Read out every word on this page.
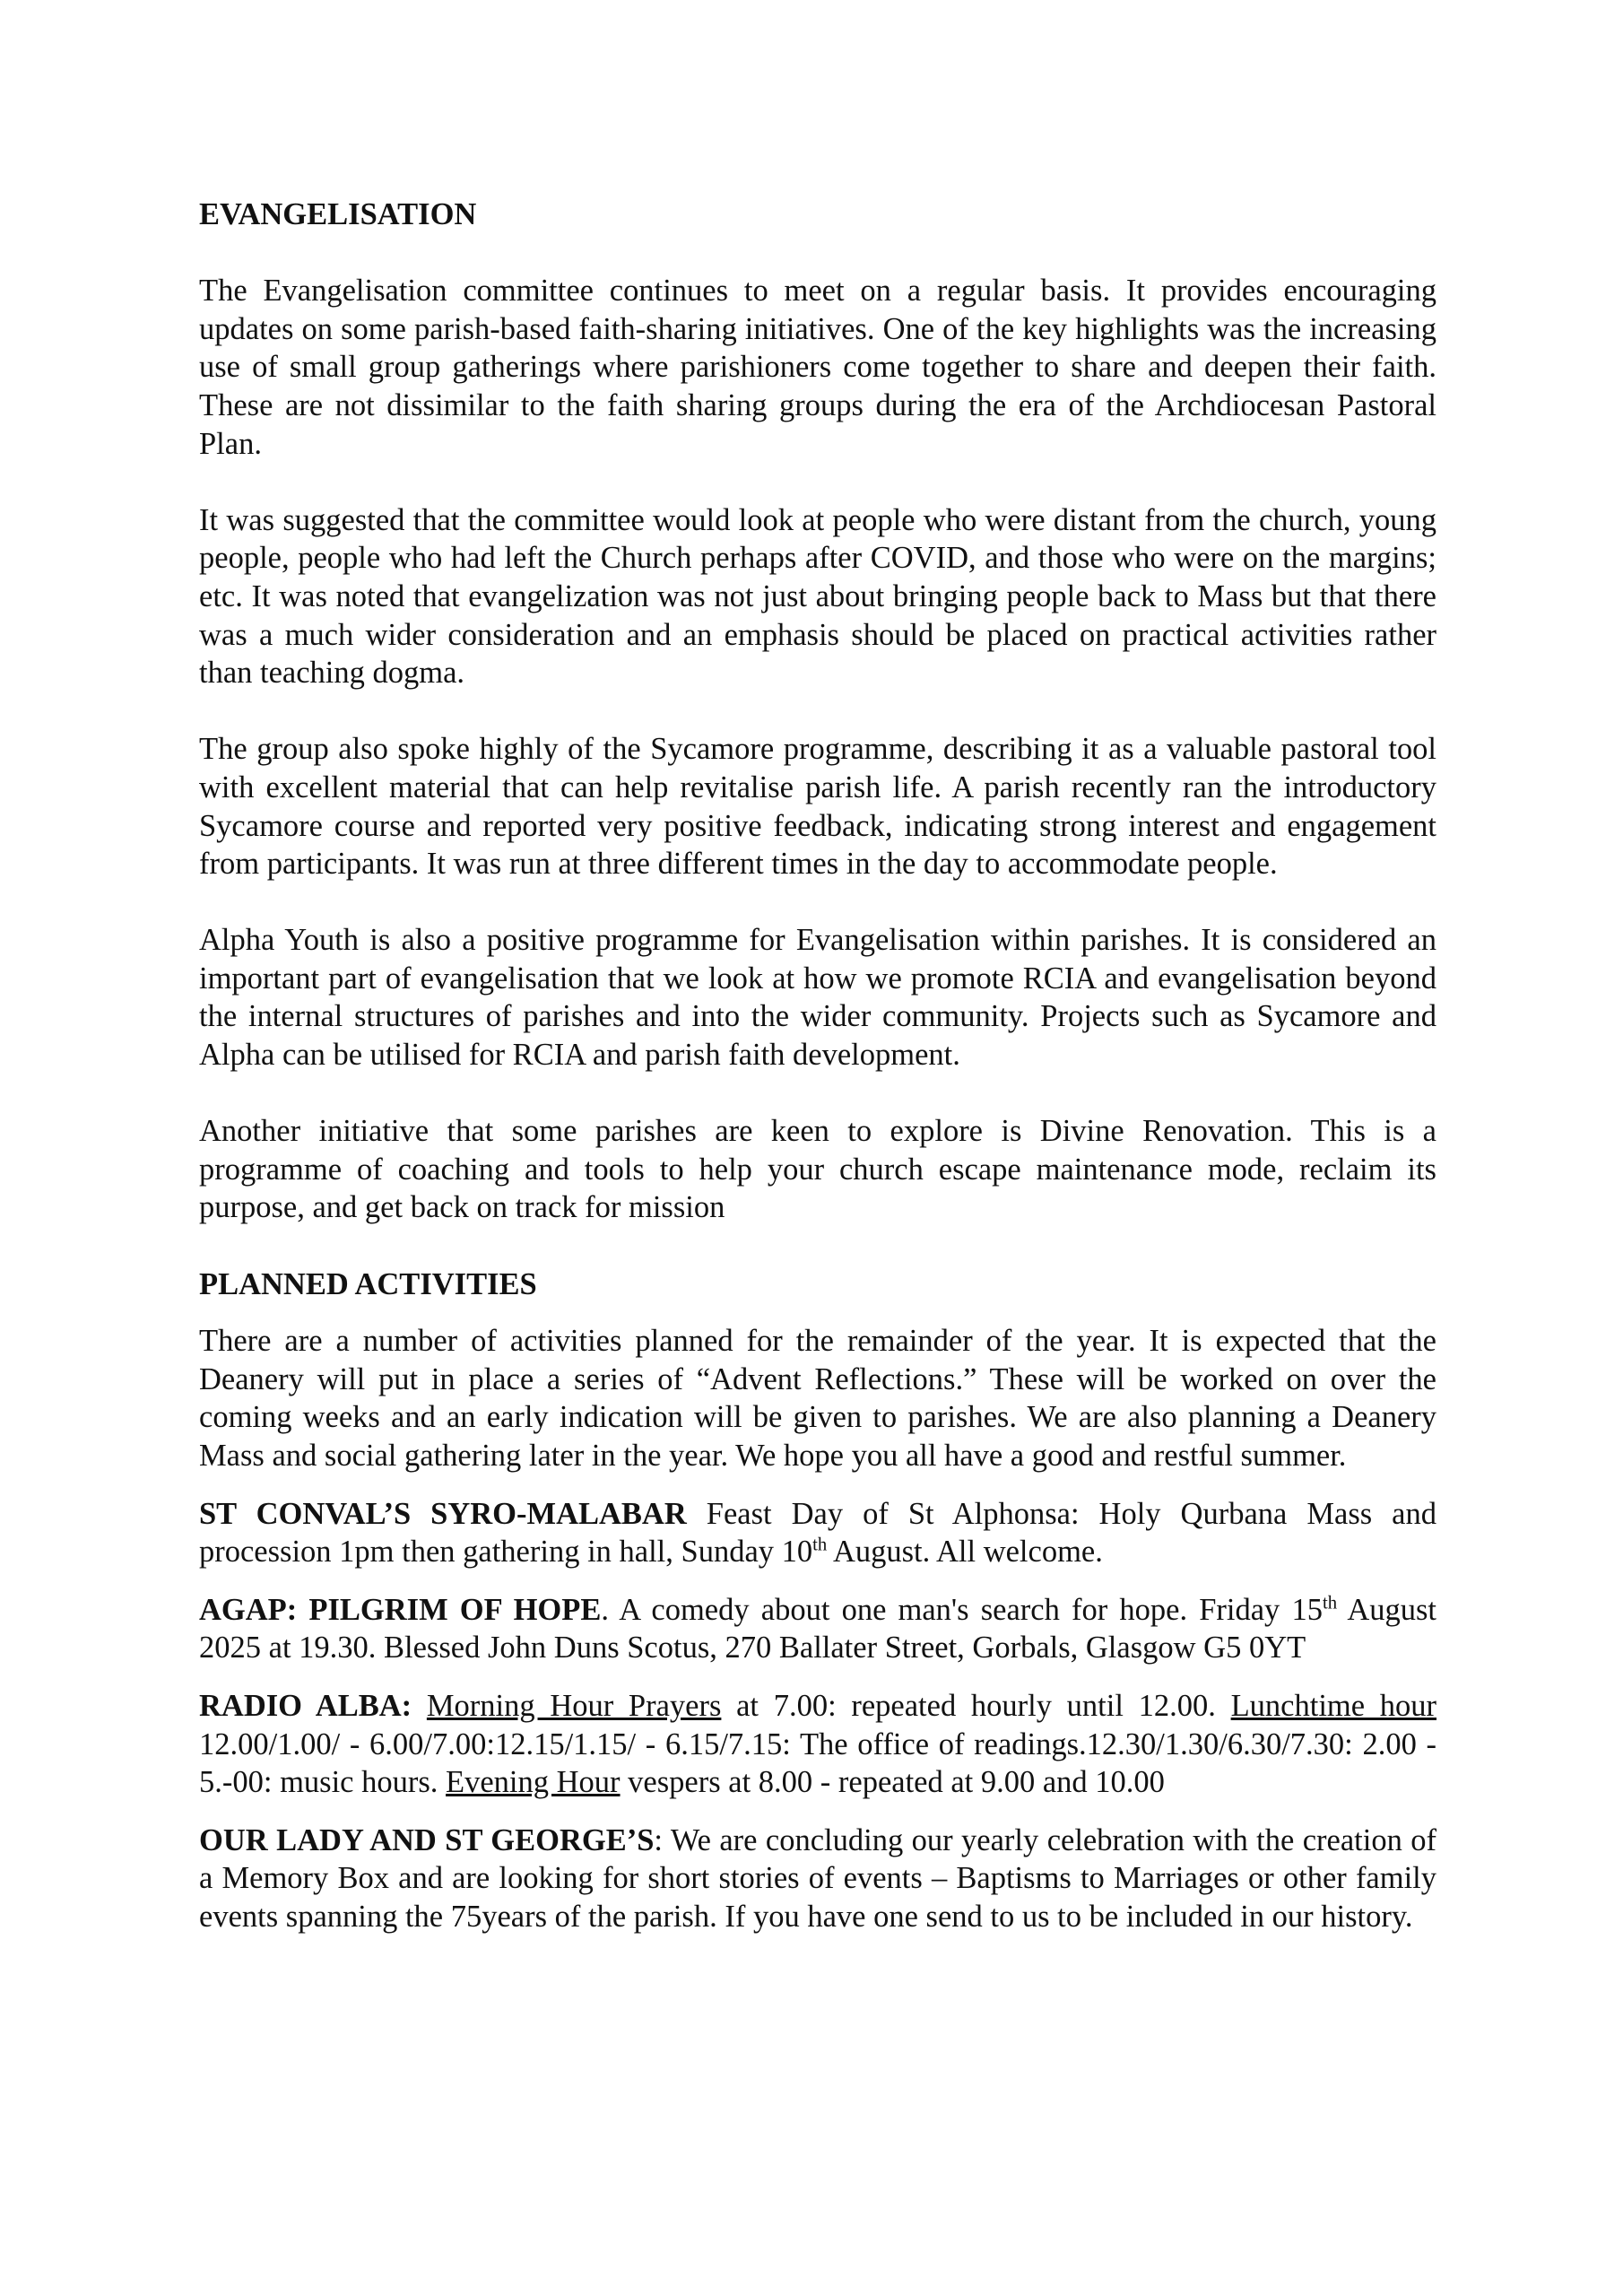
EVANGELISATION

The Evangelisation committee continues to meet on a regular basis. It provides encouraging updates on some parish-based faith-sharing initiatives. One of the key highlights was the increasing use of small group gatherings where parishioners come together to share and deepen their faith. These are not dissimilar to the faith sharing groups during the era of the Archdiocesan Pastoral Plan.

It was suggested that the committee would look at people who were distant from the church, young people, people who had left the Church perhaps after COVID, and those who were on the margins; etc. It was noted that evangelization was not just about bringing people back to Mass but that there was a much wider consideration and an emphasis should be placed on practical activities rather than teaching dogma.

The group also spoke highly of the Sycamore programme, describing it as a valuable pastoral tool with excellent material that can help revitalise parish life. A parish recently ran the introductory Sycamore course and reported very positive feedback, indicating strong interest and engagement from participants. It was run at three different times in the day to accommodate people.

Alpha Youth is also a positive programme for Evangelisation within parishes. It is considered an important part of evangelisation that we look at how we promote RCIA and evangelisation beyond the internal structures of parishes and into the wider community. Projects such as Sycamore and Alpha can be utilised for RCIA and parish faith development.

Another initiative that some parishes are keen to explore is Divine Renovation. This is a programme of coaching and tools to help your church escape maintenance mode, reclaim its purpose, and get back on track for mission

PLANNED ACTIVITIES

There are a number of activities planned for the remainder of the year. It is expected that the Deanery will put in place a series of “Advent Reflections.” These will be worked on over the coming weeks and an early indication will be given to parishes. We are also planning a Deanery Mass and social gathering later in the year. We hope you all have a good and restful summer.

ST CONVAL’S SYRO-MALABAR Feast Day of St Alphonsa: Holy Qurbana Mass and procession 1pm then gathering in hall, Sunday 10th August. All welcome.

AGAP: PILGRIM OF HOPE. A comedy about one man's search for hope. Friday 15th August 2025 at 19.30. Blessed John Duns Scotus, 270 Ballater Street, Gorbals, Glasgow G5 0YT

RADIO ALBA: Morning Hour Prayers at 7.00: repeated hourly until 12.00. Lunchtime hour 12.00/1.00/ - 6.00/7.00:12.15/1.15/ - 6.15/7.15: The office of readings.12.30/1.30/6.30/7.30: 2.00 - 5.-00: music hours. Evening Hour vespers at 8.00 - repeated at 9.00 and 10.00

OUR LADY AND ST GEORGE’S: We are concluding our yearly celebration with the creation of a Memory Box and are looking for short stories of events – Baptisms to Marriages or other family events spanning the 75years of the parish. If you have one send to us to be included in our history.
